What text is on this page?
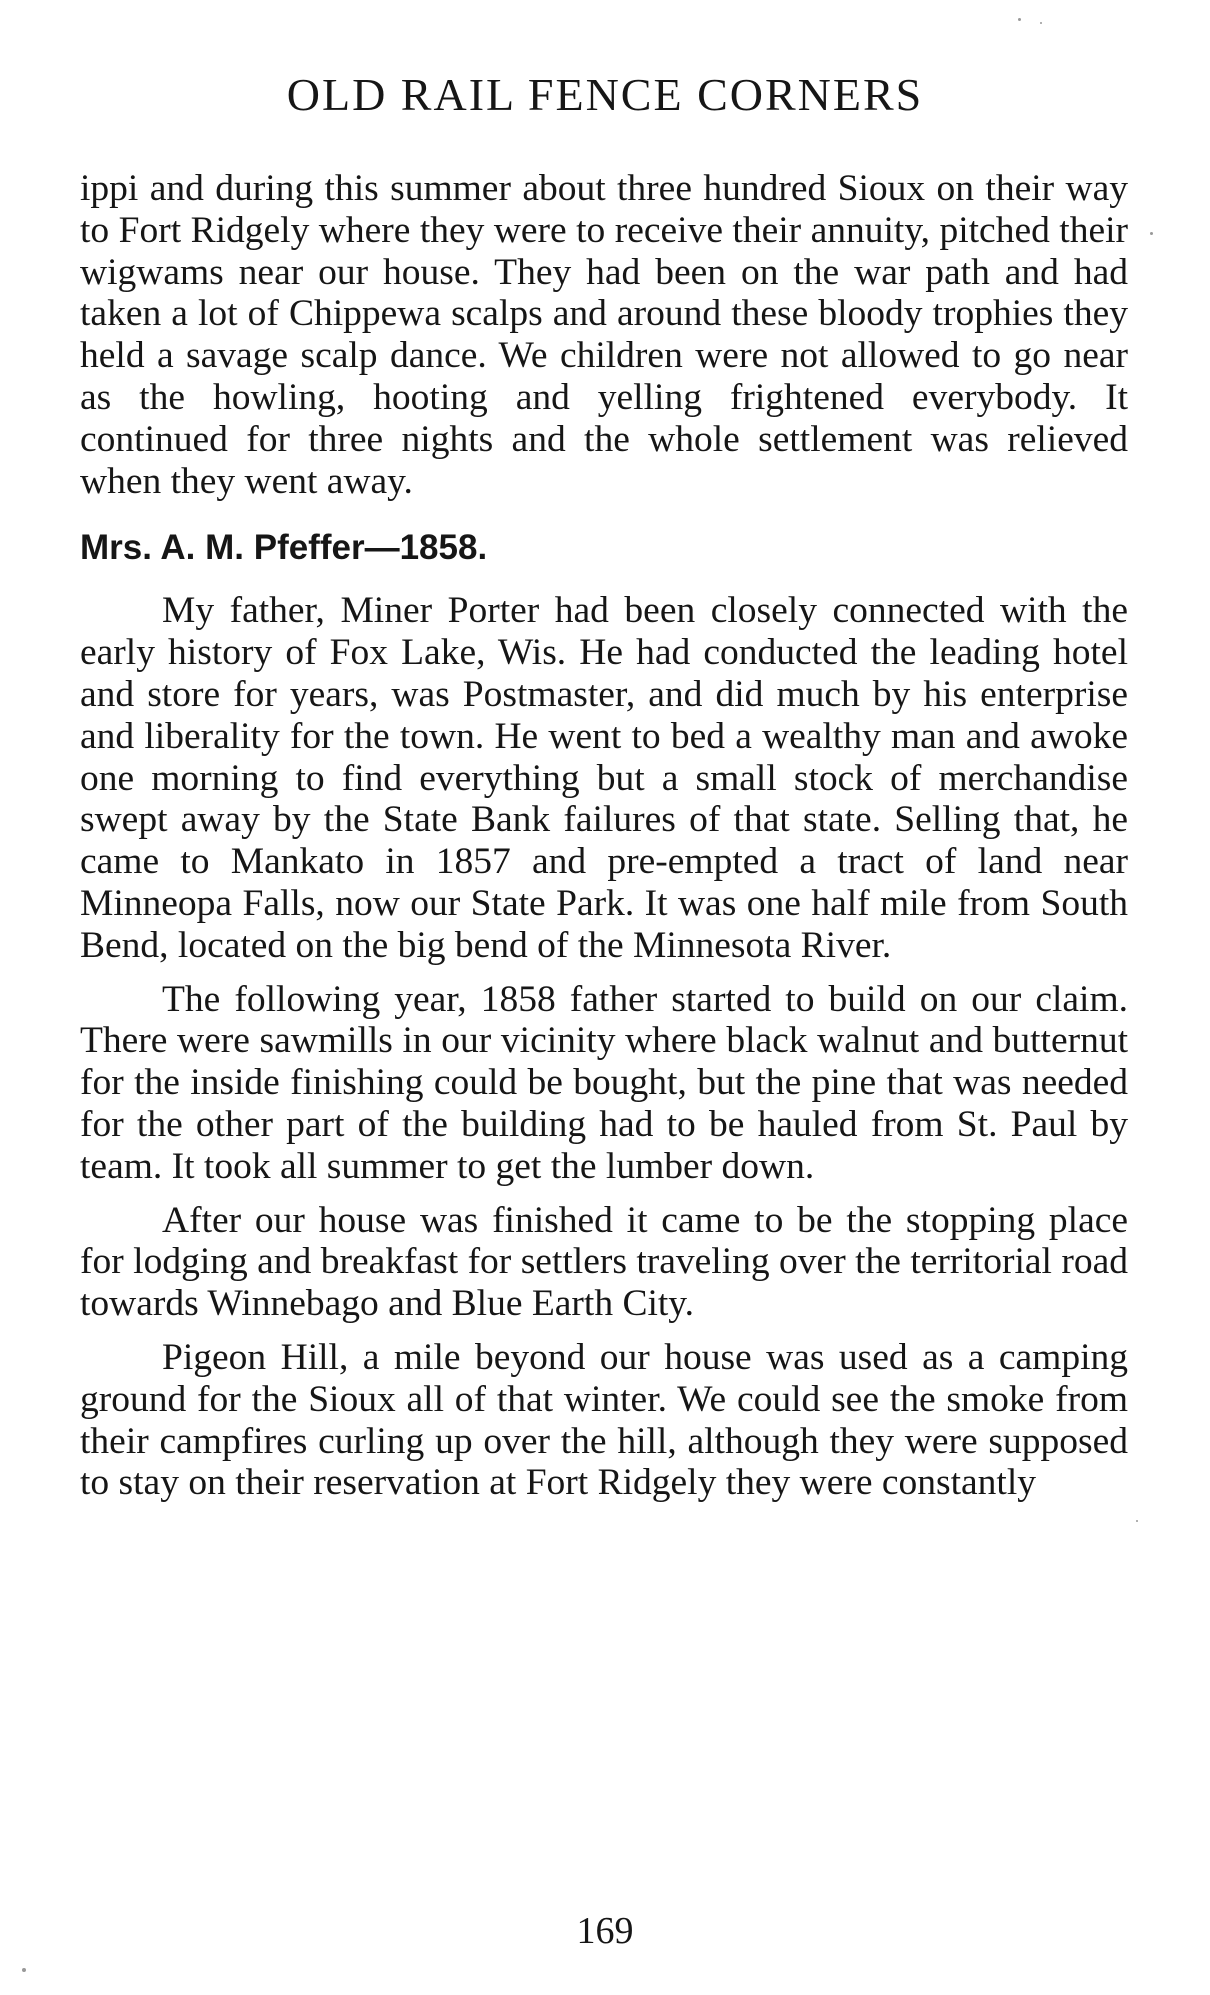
OLD RAIL FENCE CORNERS

ippi and during this summer about three hundred Sioux on their way to Fort Ridgely where they were to receive their annuity, pitched their wigwams near our house. They had been on the war path and had taken a lot of Chippewa scalps and around these bloody trophies they held a savage scalp dance. We children were not allowed to go near as the howling, hooting and yelling frightened everybody. It continued for three nights and the whole settlement was relieved when they went away.

Mrs. A. M. Pfeffer—1858.

My father, Miner Porter had been closely connected with the early history of Fox Lake, Wis. He had conducted the leading hotel and store for years, was Postmaster, and did much by his enterprise and liberality for the town. He went to bed a wealthy man and awoke one morning to find everything but a small stock of merchandise swept away by the State Bank failures of that state. Selling that, he came to Mankato in 1857 and pre-empted a tract of land near Minneopa Falls, now our State Park. It was one half mile from South Bend, located on the big bend of the Minnesota River.

The following year, 1858 father started to build on our claim. There were sawmills in our vicinity where black walnut and butternut for the inside finishing could be bought, but the pine that was needed for the other part of the building had to be hauled from St. Paul by team. It took all summer to get the lumber down.

After our house was finished it came to be the stopping place for lodging and breakfast for settlers traveling over the territorial road towards Winnebago and Blue Earth City.

Pigeon Hill, a mile beyond our house was used as a camping ground for the Sioux all of that winter. We could see the smoke from their campfires curling up over the hill, although they were supposed to stay on their reservation at Fort Ridgely they were constantly

169
